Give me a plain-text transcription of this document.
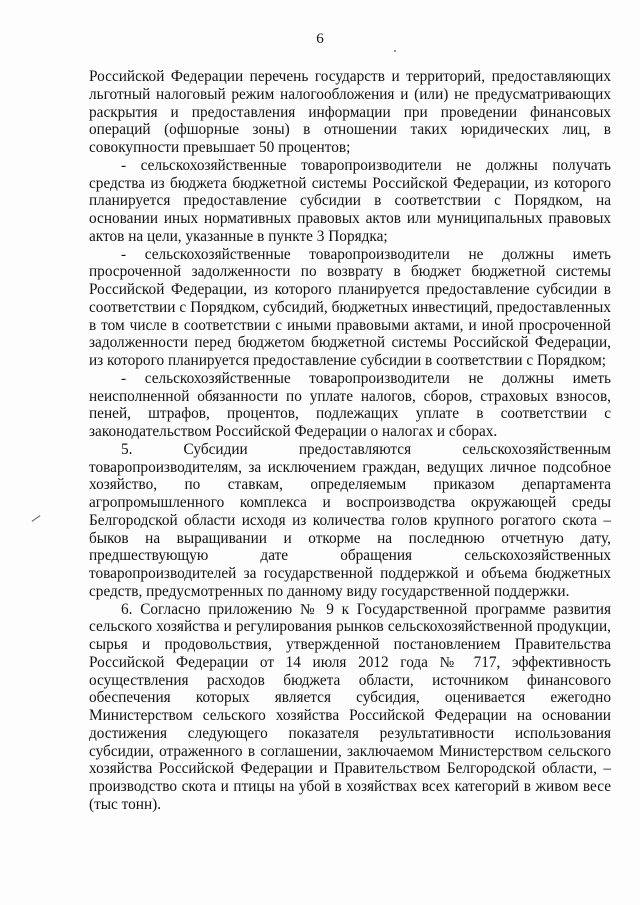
6

Российской Федерации перечень государств и территорий, предоставляющих льготный налоговый режим налогообложения и (или) не предусматривающих раскрытия и предоставления информации при проведении финансовых операций (офшорные зоны) в отношении таких юридических лиц, в совокупности превышает 50 процентов;

- сельскохозяйственные товаропроизводители не должны получать средства из бюджета бюджетной системы Российской Федерации, из которого планируется предоставление субсидии в соответствии с Порядком, на основании иных нормативных правовых актов или муниципальных правовых актов на цели, указанные в пункте 3 Порядка;

- сельскохозяйственные товаропроизводители не должны иметь просроченной задолженности по возврату в бюджет бюджетной системы Российской Федерации, из которого планируется предоставление субсидии в соответствии с Порядком, субсидий, бюджетных инвестиций, предоставленных в том числе в соответствии с иными правовыми актами, и иной просроченной задолженности перед бюджетом бюджетной системы Российской Федерации, из которого планируется предоставление субсидии в соответствии с Порядком;

- сельскохозяйственные товаропроизводители не должны иметь неисполненной обязанности по уплате налогов, сборов, страховых взносов, пеней, штрафов, процентов, подлежащих уплате в соответствии с законодательством Российской Федерации о налогах и сборах.

5. Субсидии предоставляются сельскохозяйственным товаропроизводителям, за исключением граждан, ведущих личное подсобное хозяйство, по ставкам, определяемым приказом департамента агропромышленного комплекса и воспроизводства окружающей среды Белгородской области исходя из количества голов крупного рогатого скота – быков на выращивании и откорме на последнюю отчетную дату, предшествующую дате обращения сельскохозяйственных товаропроизводителей за государственной поддержкой и объема бюджетных средств, предусмотренных по данному виду государственной поддержки.

6. Согласно приложению № 9 к Государственной программе развития сельского хозяйства и регулирования рынков сельскохозяйственной продукции, сырья и продовольствия, утвержденной постановлением Правительства Российской Федерации от 14 июля 2012 года № 717, эффективность осуществления расходов бюджета области, источником финансового обеспечения которых является субсидия, оценивается ежегодно Министерством сельского хозяйства Российской Федерации на основании достижения следующего показателя результативности использования субсидии, отраженного в соглашении, заключаемом Министерством сельского хозяйства Российской Федерации и Правительством Белгородской области, – производство скота и птицы на убой в хозяйствах всех категорий в живом весе (тыс тонн).
